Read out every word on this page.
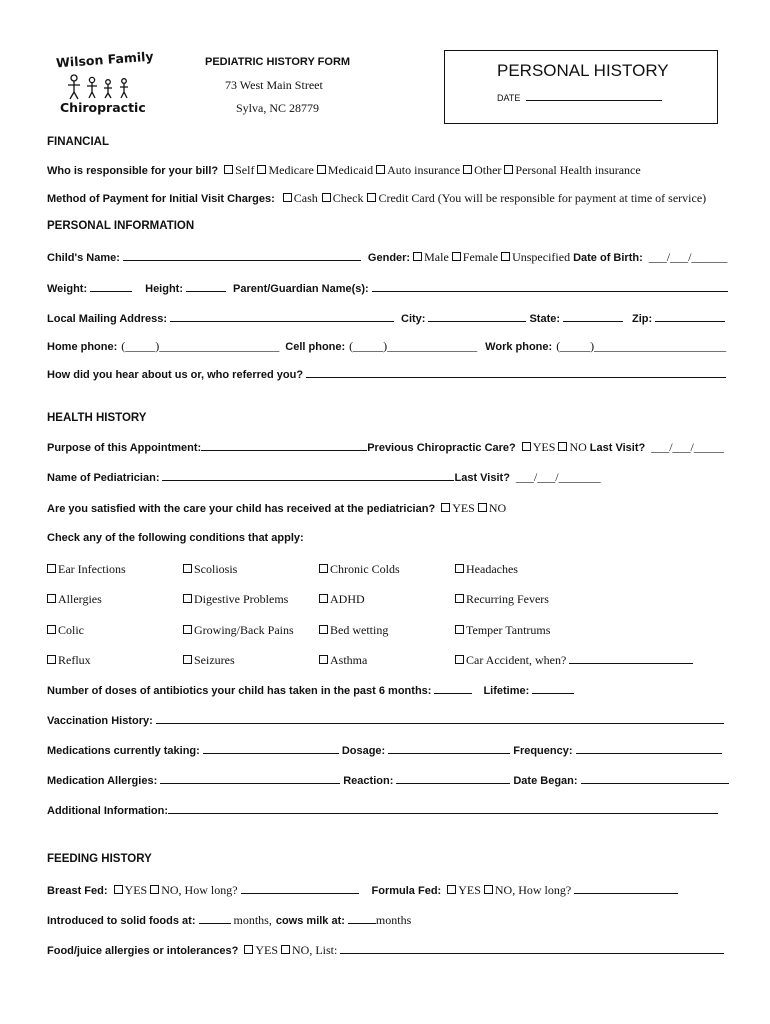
Wilson Family
Chiropractic
PEDIATRIC HISTORY FORM
73 West Main Street
Sylva, NC 28779
PERSONAL HISTORY
DATE
FINANCIAL
Who is responsible for your bill?	Self	Medicare	Medicaid	Auto insurance	Other	Personal Health insurance
Method of Payment for Initial Visit Charges :	Cash	Check	Credit Card (You will be responsible for payment at time of service)
PERSONAL INFORMATION
Child's Name:	Gender:	Male	Female	Unspecified Date of Birth: ___/___/______
Weight:	Height:	Parent/Guardian Name(s):
Local Mailing Address:	City:	State:	Zip:
Home phone: (_____)____________________ Cell phone: (_____)_______________ Work phone: (_____)______________________
How did you hear about us or, who referred you?
HEALTH HISTORY
Purpose of this Appointment:	Previous Chiropractic Care?	YES	NO Last Visit? ___/___/_____
Name of Pediatrician:	Last Visit? ___/___/_______
Are you satisfied with the care your child has received at the pediatrician?	YES	NO
Check any of the following conditions that apply:
Ear Infections	Scoliosis	Chronic Colds	Headaches
Allergies	Digestive Problems	ADHD	Recurring Fevers
Colic	Growing/Back Pains	Bed wetting	Temper Tantrums
Reflux	Seizures	Asthma	Car Accident, when?
Number of doses of antibiotics your child has taken in the past 6 months:	Lifetime:
Vaccination History:
Medications currently taking:	Dosage:	Frequency:
Medication Allergies:	Reaction:	Date Began:
Additional Information:
FEEDING HISTORY
Breast Fed:	YES	NO, How long?	Formula Fed:	YES	NO, How long?
Introduced to solid foods at:	months, cows milk at:	months
Food/juice allergies or intolerances?	YES	NO, List:
